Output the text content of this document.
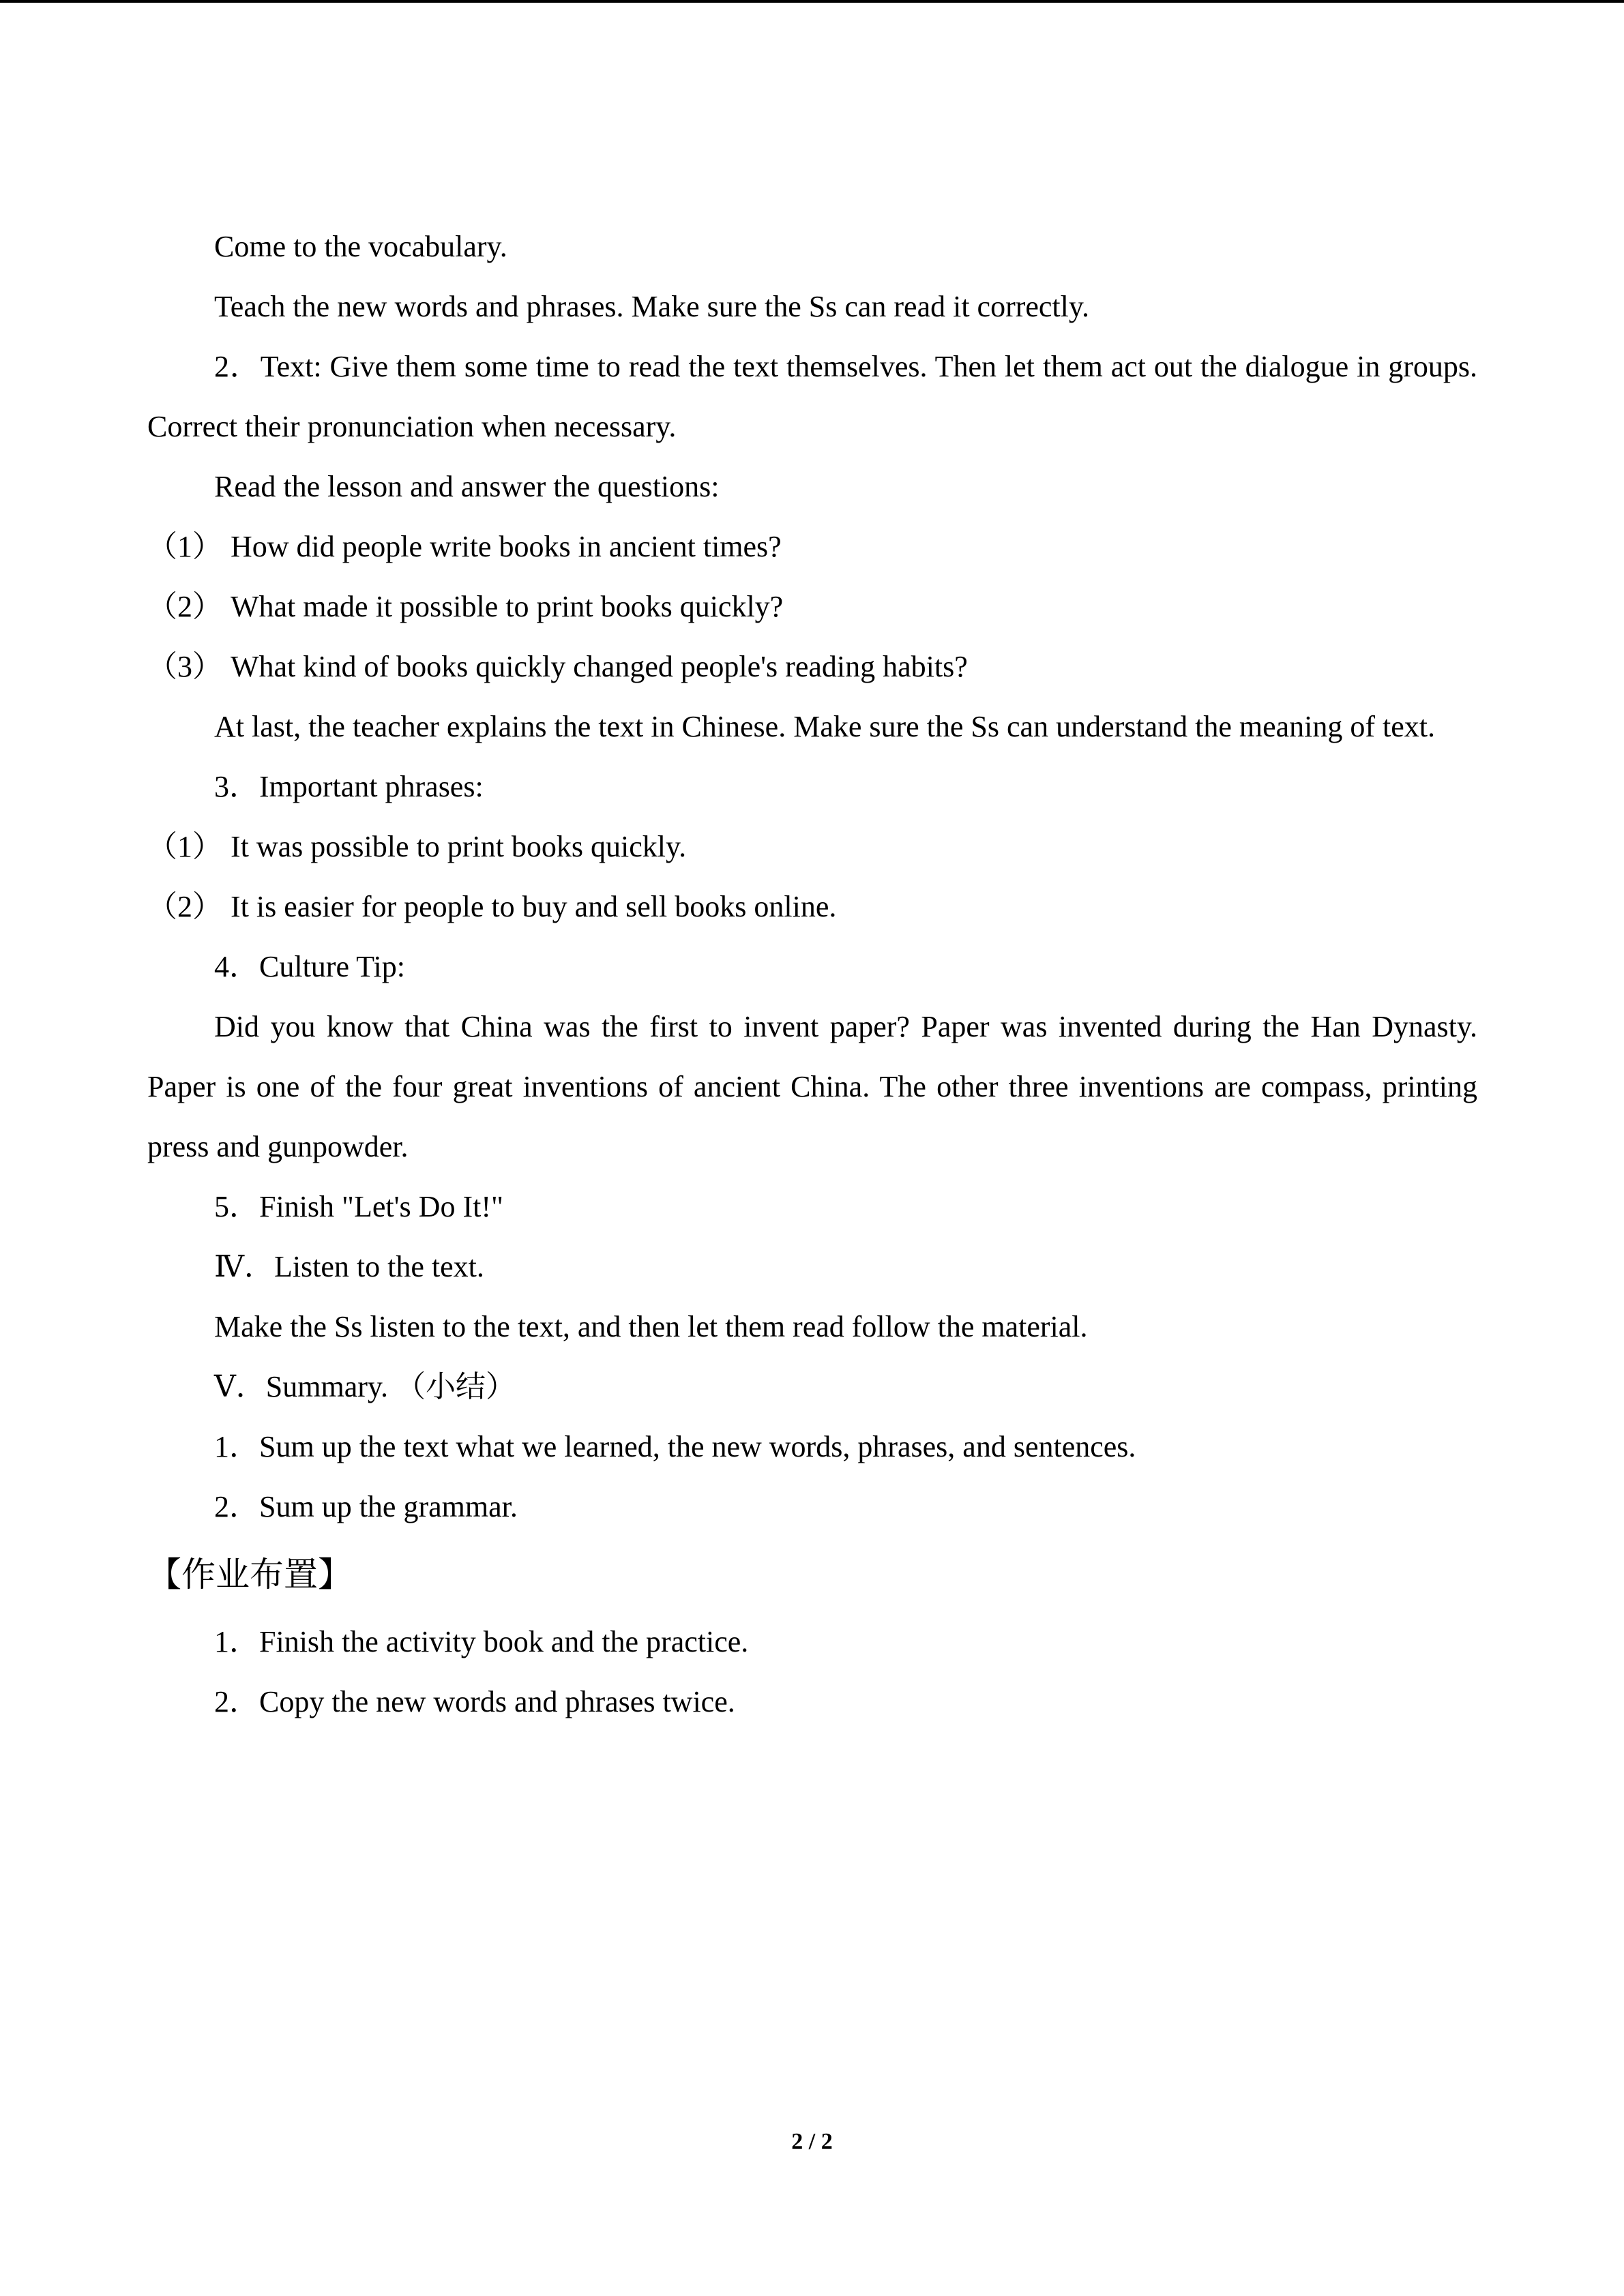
Come to the vocabulary.

Teach the new words and phrases. Make sure the Ss can read it correctly.

2．Text: Give them some time to read the text themselves. Then let them act out the dialogue in groups. Correct their pronunciation when necessary.

Read the lesson and answer the questions:

（1） How did people write books in ancient times?

（2） What made it possible to print books quickly?

（3） What kind of books quickly changed people's reading habits?

At last, the teacher explains the text in Chinese. Make sure the Ss can understand the meaning of text.

3．Important phrases:

（1） It was possible to print books quickly.

（2） It is easier for people to buy and sell books online.

4．Culture Tip:

Did you know that China was the first to invent paper? Paper was invented during the Han Dynasty. Paper is one of the four great inventions of ancient China. The other three inventions are compass, printing press and gunpowder.

5．Finish "Let's Do It!"

Ⅳ．Listen to the text.

Make the Ss listen to the text, and then let them read follow the material.

Ⅴ．Summary. （小结）

1．Sum up the text what we learned, the new words, phrases, and sentences.

2．Sum up the grammar.

【作业布置】

1．Finish the activity book and the practice.

2．Copy the new words and phrases twice.

2 / 2
